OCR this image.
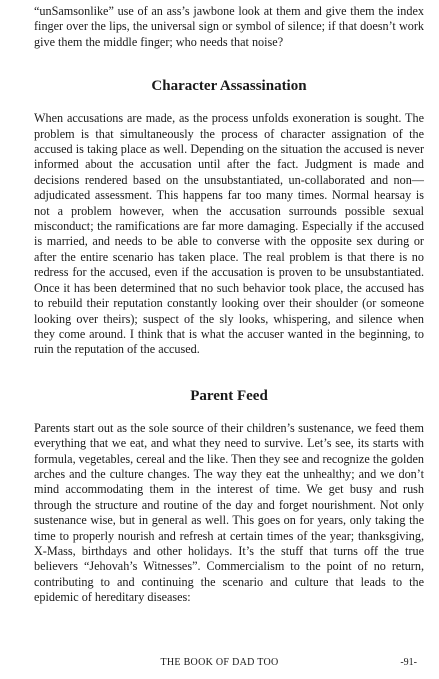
“unSamsonlike” use of an ass’s jawbone look at them and give them the index finger over the lips, the universal sign or symbol of silence; if that doesn’t work give them the middle finger; who needs that noise?

Character Assassination

When accusations are made, as the process unfolds exoneration is sought. The problem is that simultaneously the process of character assignation of the accused is taking place as well. Depending on the situation the accused is never informed about the accusation until after the fact. Judgment is made and decisions rendered based on the unsubstantiated, un-collaborated and non—adjudicated assessment. This happens far too many times. Normal hearsay is not a problem however, when the accusation surrounds possible sexual misconduct; the ramifications are far more damaging. Especially if the accused is married, and needs to be able to converse with the opposite sex during or after the entire scenario has taken place. The real problem is that there is no redress for the accused, even if the accusation is proven to be unsubstantiated. Once it has been determined that no such behavior took place, the accused has to rebuild their reputation constantly looking over their shoulder (or someone looking over theirs); suspect of the sly looks, whispering, and silence when they come around. I think that is what the accuser wanted in the beginning, to ruin the reputation of the accused.

Parent Feed

Parents start out as the sole source of their children’s sustenance, we feed them everything that we eat, and what they need to survive. Let’s see, its starts with formula, vegetables, cereal and the like. Then they see and recognize the golden arches and the culture changes. The way they eat the unhealthy; and we don’t mind accommodating them in the interest of time. We get busy and rush through the structure and routine of the day and forget nourishment. Not only sustenance wise, but in general as well. This goes on for years, only taking the time to properly nourish and refresh at certain times of the year; thanksgiving, X-Mass, birthdays and other holidays. It’s the stuff that turns off the true believers “Jehovah’s Witnesses”. Commercialism to the point of no return, contributing to and continuing the scenario and culture that leads to the epidemic of hereditary diseases:

THE BOOK OF DAD TOO	-91-
